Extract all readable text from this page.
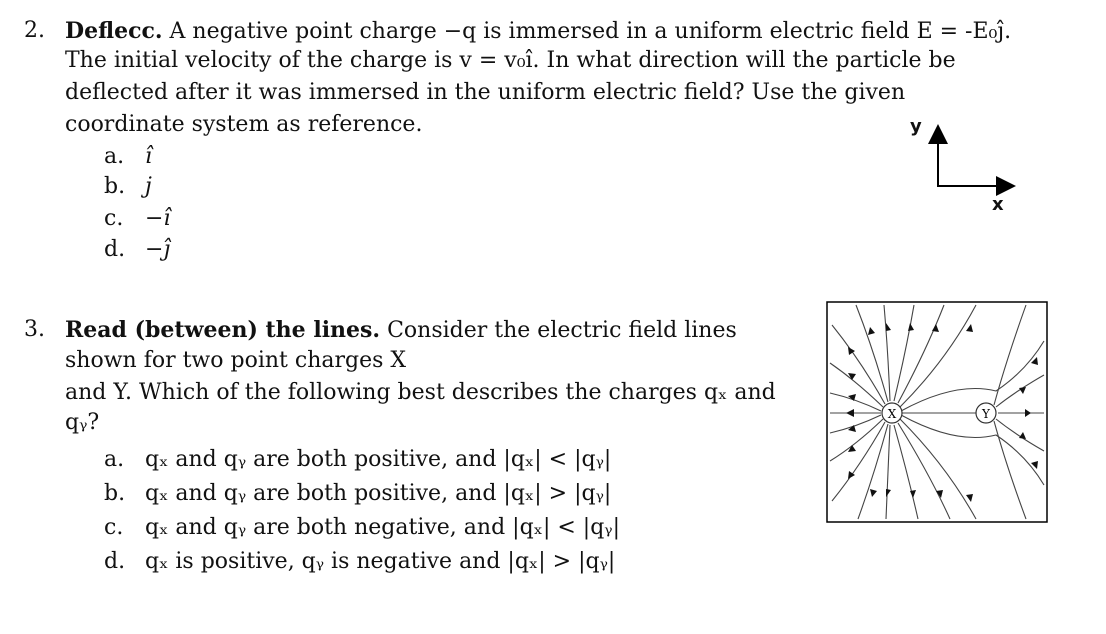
2. Deflecc. A negative point charge −q is immersed in a uniform electric field E = -E₀ĵ.
The initial velocity of the charge is v = v₀î. In what direction will the particle be
deflected after it was immersed in the uniform electric field? Use the given
coordinate system as reference.
a. î
b. j
c. −î
d. −ĵ
y
x
3. Read (between) the lines. Consider the electric field lines
shown for two point charges X
and Y. Which of the following best describes the charges qₓ and
qᵧ?
a. qₓ and qᵧ are both positive, and |qₓ| < |qᵧ|
b. qₓ and qᵧ are both positive, and |qₓ| > |qᵧ|
c. qₓ and qᵧ are both negative, and |qₓ| < |qᵧ|
d. qₓ is positive, qᵧ is negative and |qₓ| > |qᵧ|
X	Y
